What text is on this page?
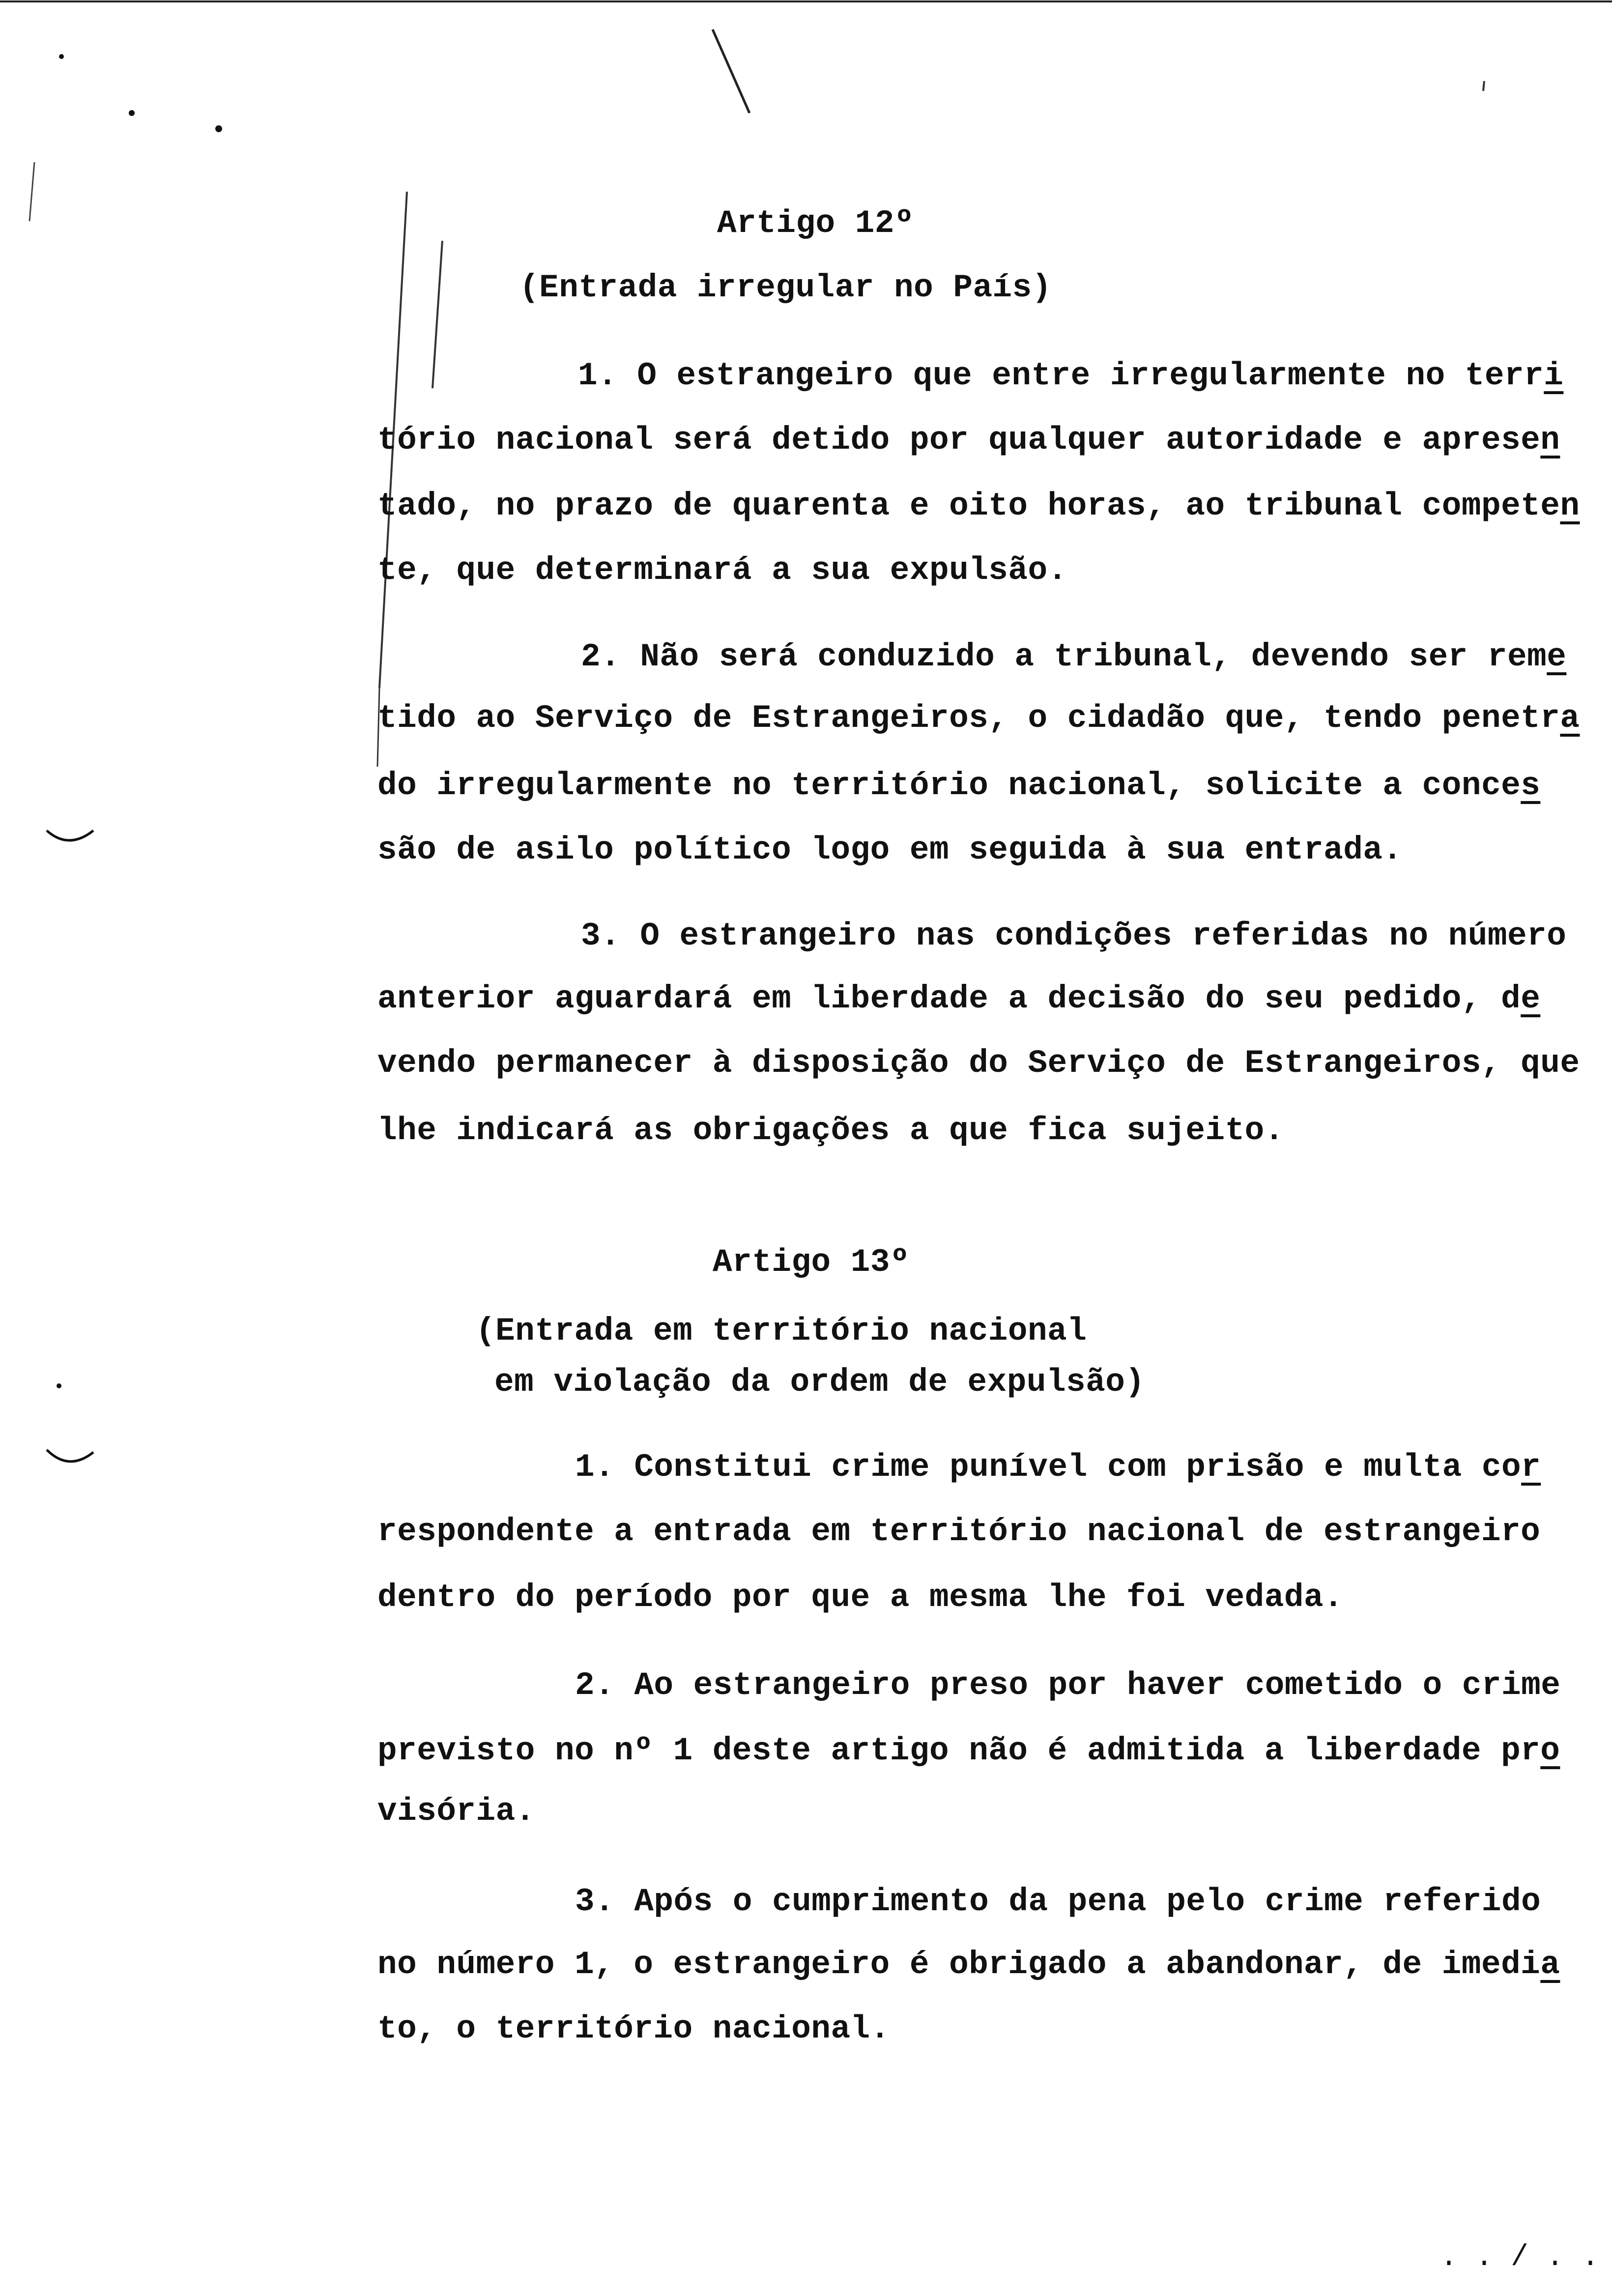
Artigo 12º
(Entrada irregular no País)
1. O estrangeiro que entre irregularmente no terri
tório nacional será detido por qualquer autoridade e apresen
tado, no prazo de quarenta e oito horas, ao tribunal competen
te, que determinará a sua expulsão.
2. Não será conduzido a tribunal, devendo ser reme
tido ao Serviço de Estrangeiros, o cidadão que, tendo penetra
do irregularmente no território nacional, solicite a conces
são de asilo político logo em seguida à sua entrada.
3. O estrangeiro nas condições referidas no número
anterior aguardará em liberdade a decisão do seu pedido, de
vendo permanecer à disposição do Serviço de Estrangeiros, que
lhe indicará as obrigações a que fica sujeito.
Artigo 13º
(Entrada em território nacional
em violação da ordem de expulsão)
1. Constitui crime punível com prisão e multa cor
respondente a entrada em território nacional de estrangeiro
dentro do período por que a mesma lhe foi vedada.
2. Ao estrangeiro preso por haver cometido o crime
previsto no nº 1 deste artigo não é admitida a liberdade pro
visória.
3. Após o cumprimento da pena pelo crime referido
no número 1, o estrangeiro é obrigado a abandonar, de imedia
to, o território nacional.
. . / . .
